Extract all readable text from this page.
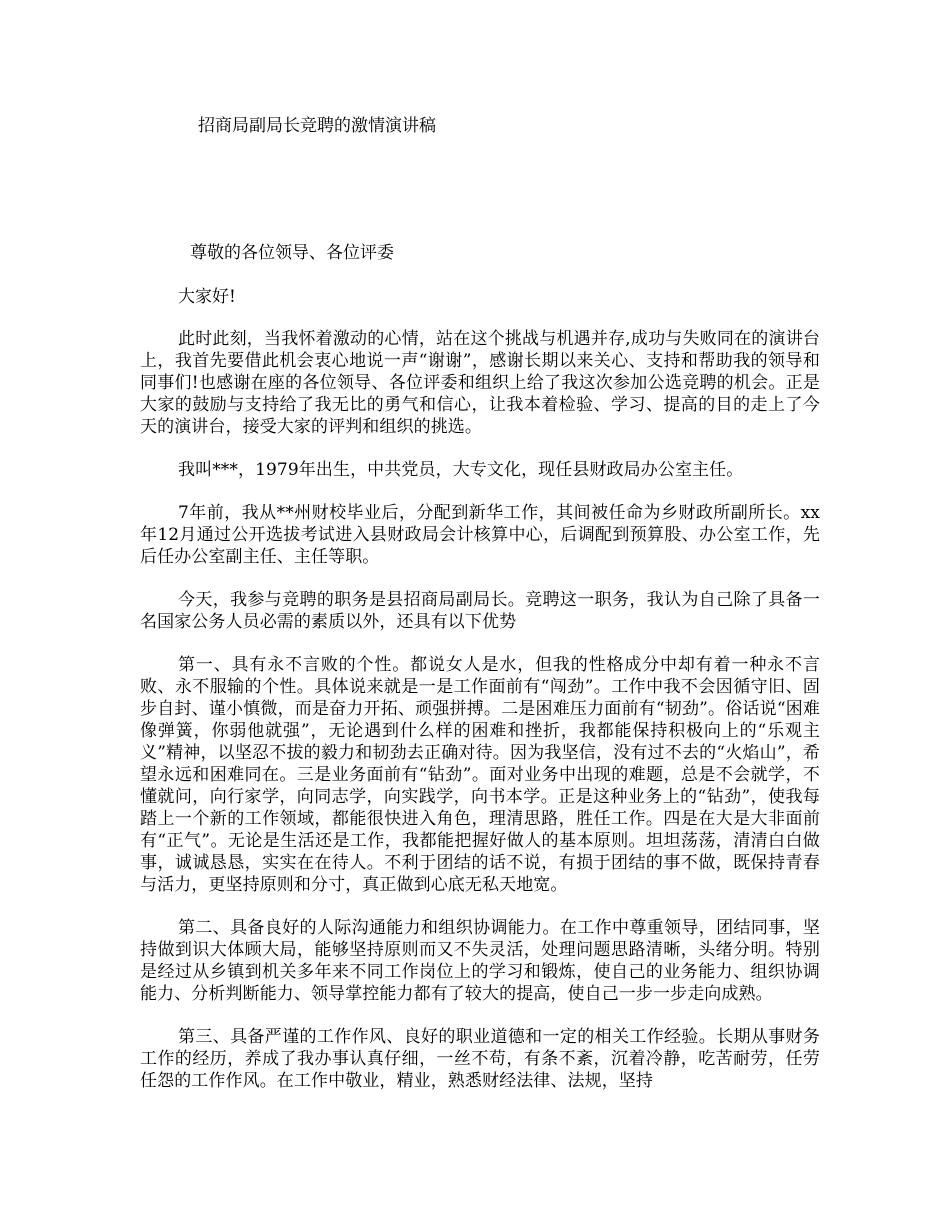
招商局副局长竞聘的激情演讲稿
尊敬的各位领导、各位评委
大家好!

此时此刻，当我怀着激动的心情，站在这个挑战与机遇并存,成功与失败同在的演讲台上，我首先要借此机会衷心地说一声“谢谢”，感谢长期以来关心、支持和帮助我的领导和同事们!也感谢在座的各位领导、各位评委和组织上给了我这次参加公选竞聘的机会。正是大家的鼓励与支持给了我无比的勇气和信心，让我本着检验、学习、提高的目的走上了今天的演讲台，接受大家的评判和组织的挑选。

我叫***，1979年出生，中共党员，大专文化，现任县财政局办公室主任。

7年前，我从**州财校毕业后，分配到新华工作，其间被任命为乡财政所副所长。xx年12月通过公开选拔考试进入县财政局会计核算中心，后调配到预算股、办公室工作，先后任办公室副主任、主任等职。

今天，我参与竞聘的职务是县招商局副局长。竞聘这一职务，我认为自己除了具备一名国家公务人员必需的素质以外，还具有以下优势

第一、具有永不言败的个性。都说女人是水，但我的性格成分中却有着一种永不言败、永不服输的个性。具体说来就是一是工作面前有“闯劲”。工作中我不会因循守旧、固步自封、谨小慎微，而是奋力开拓、顽强拼搏。二是困难压力面前有“韧劲”。俗话说“困难像弹簧，你弱他就强”，无论遇到什么样的困难和挫折，我都能保持积极向上的“乐观主义”精神，以坚忍不拔的毅力和韧劲去正确对待。因为我坚信，没有过不去的“火焰山”，希望永远和困难同在。三是业务面前有“钻劲”。面对业务中出现的难题，总是不会就学，不懂就问，向行家学，向同志学，向实践学，向书本学。正是这种业务上的“钻劲”，使我每踏上一个新的工作领域，都能很快进入角色，理清思路，胜任工作。四是在大是大非面前有“正气”。无论是生活还是工作，我都能把握好做人的基本原则。坦坦荡荡，清清白白做事，诚诚恳恳，实实在在待人。不利于团结的话不说，有损于团结的事不做，既保持青春与活力，更坚持原则和分寸，真正做到心底无私天地宽。

第二、具备良好的人际沟通能力和组织协调能力。在工作中尊重领导，团结同事，坚持做到识大体顾大局，能够坚持原则而又不失灵活，处理问题思路清晰，头绪分明。特别是经过从乡镇到机关多年来不同工作岗位上的学习和锻炼，使自己的业务能力、组织协调能力、分析判断能力、领导掌控能力都有了较大的提高，使自己一步一步走向成熟。

第三、具备严谨的工作作风、良好的职业道德和一定的相关工作经验。长期从事财务工作的经历，养成了我办事认真仔细，一丝不苟，有条不紊，沉着冷静，吃苦耐劳，任劳任怨的工作作风。在工作中敬业，精业，熟悉财经法律、法规，坚持
